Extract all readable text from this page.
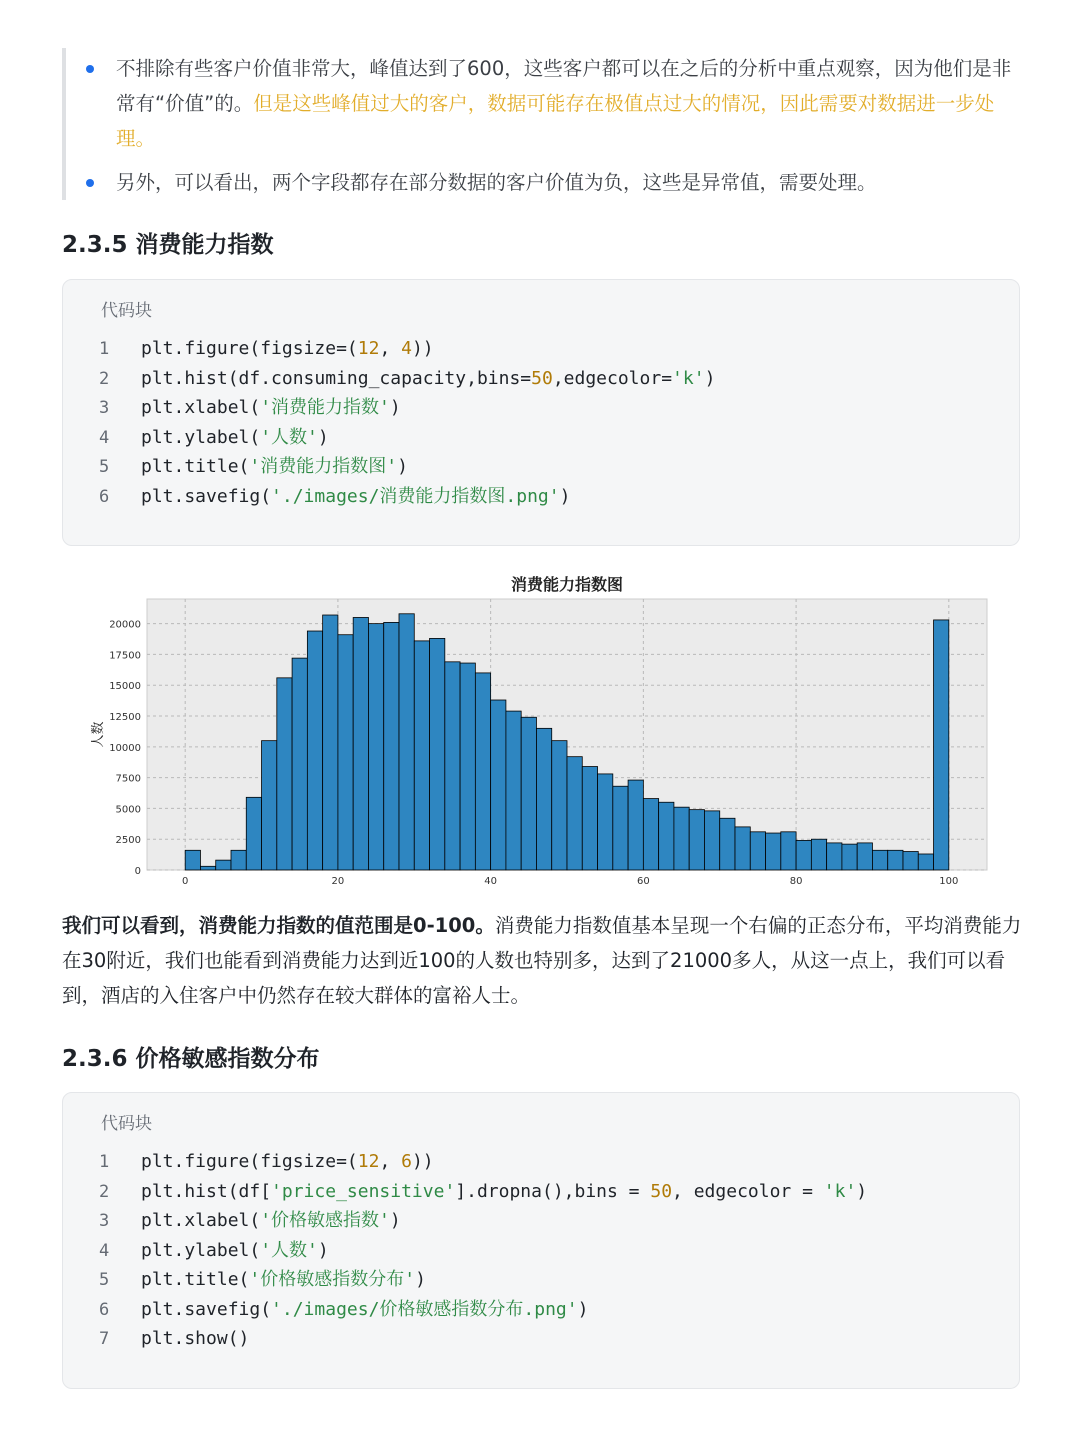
不排除有些客户价值非常大，峰值达到了600，这些客户都可以在之后的分析中重点观察，因为他们是非常有“价值”的。但是这些峰值过大的客户，数据可能存在极值点过大的情况，因此需要对数据进一步处理。
另外，可以看出，两个字段都存在部分数据的客户价值为负，这些是异常值，需要处理。
2.3.5 消费能力指数
代码块
1	plt.figure(figsize=(12, 4))
2	plt.hist(df.consuming_capacity,bins=50,edgecolor='k')
3	plt.xlabel('消费能力指数')
4	plt.ylabel('人数')
5	plt.title('消费能力指数图')
6	plt.savefig('./images/消费能力指数图.png')
0	20	40	60	80	100
0
2500
5000
7500
10000
12500
15000
17500
20000
消费能力指数图
人数
我们可以看到，消费能力指数的值范围是0-100。消费能力指数值基本呈现一个右偏的正态分布，平均消费能力在30附近，我们也能看到消费能力达到近100的人数也特别多，达到了21000多人，从这一点上，我们可以看到，酒店的入住客户中仍然存在较大群体的富裕人士。
2.3.6 价格敏感指数分布
代码块
1	plt.figure(figsize=(12, 6))
2	plt.hist(df['price_sensitive'].dropna(),bins = 50, edgecolor = 'k')
3	plt.xlabel('价格敏感指数')
4	plt.ylabel('人数')
5	plt.title('价格敏感指数分布')
6	plt.savefig('./images/价格敏感指数分布.png')
7	plt.show()
